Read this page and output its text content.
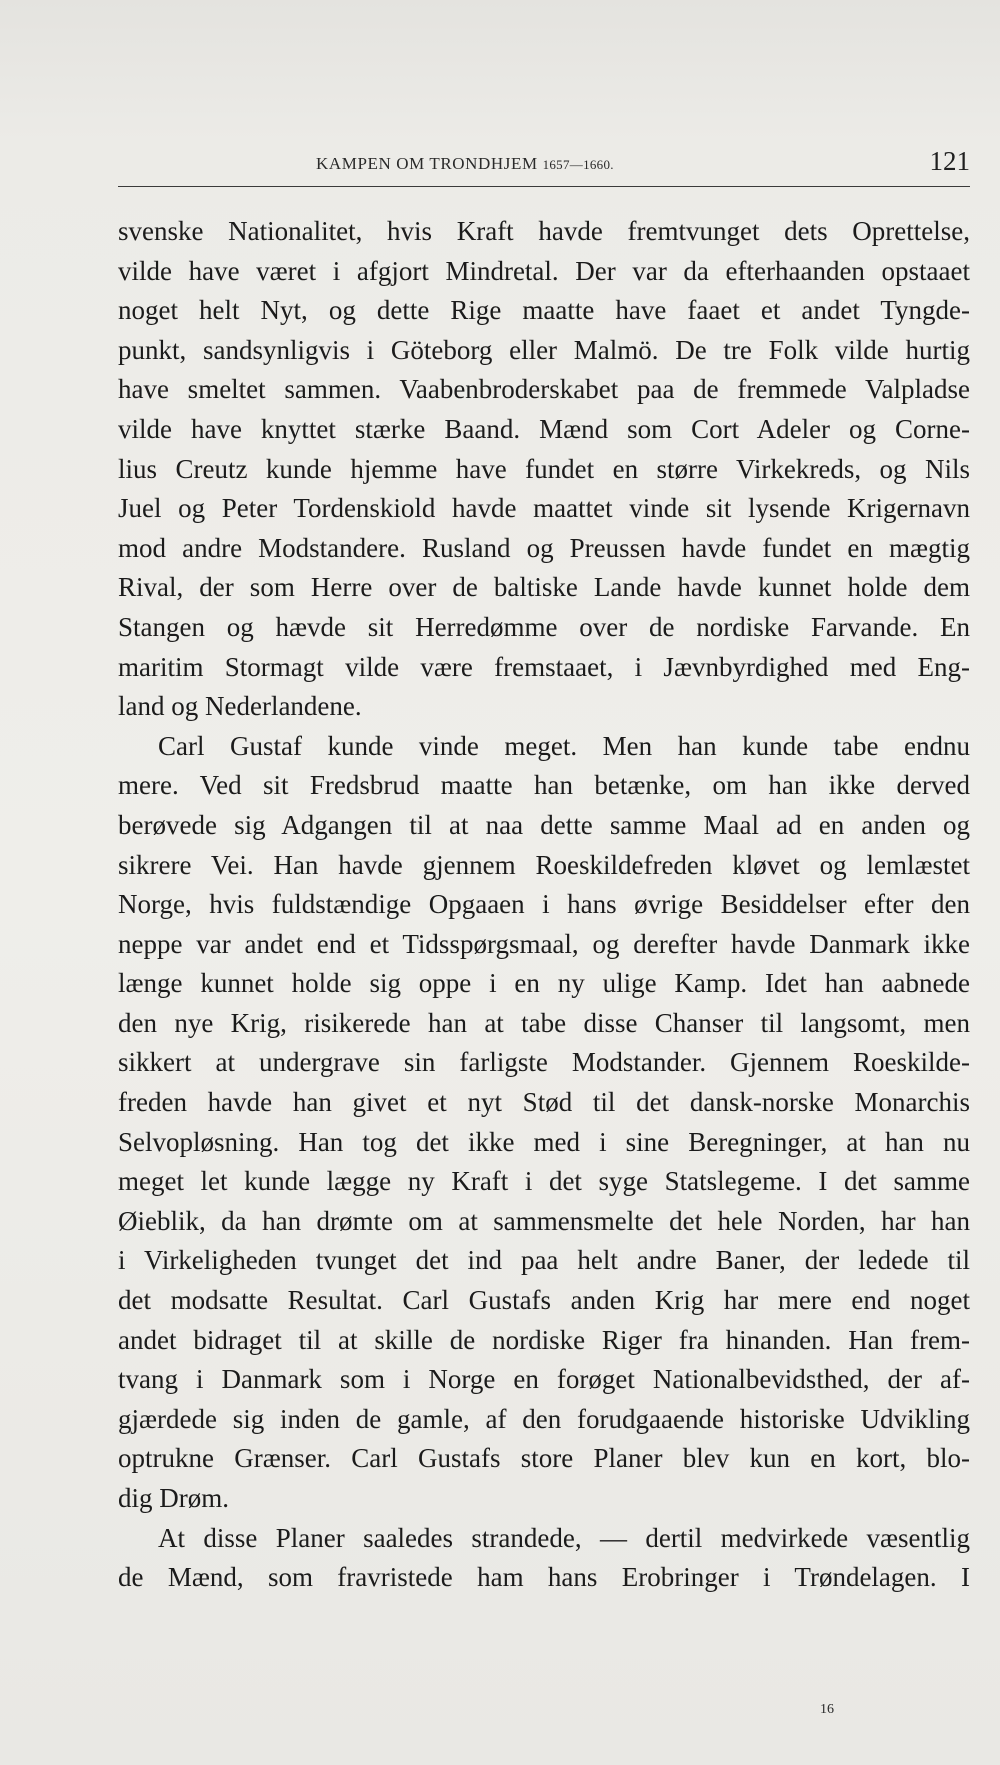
KAMPEN OM TRONDHJEM 1657—1660.	121
svenske Nationalitet, hvis Kraft havde fremtvunget dets Oprettelse,
vilde have været i afgjort Mindretal. Der var da efterhaanden opstaaet
noget helt Nyt, og dette Rige maatte have faaet et andet Tyngde-
punkt, sandsynligvis i Göteborg eller Malmö. De tre Folk vilde hurtig
have smeltet sammen. Vaabenbroderskabet paa de fremmede Valpladse
vilde have knyttet stærke Baand. Mænd som Cort Adeler og Corne-
lius Creutz kunde hjemme have fundet en større Virkekreds, og Nils
Juel og Peter Tordenskiold havde maattet vinde sit lysende Krigernavn
mod andre Modstandere. Rusland og Preussen havde fundet en mægtig
Rival, der som Herre over de baltiske Lande havde kunnet holde dem
Stangen og hævde sit Herredømme over de nordiske Farvande. En
maritim Stormagt vilde være fremstaaet, i Jævnbyrdighed med Eng-
land og Nederlandene.
Carl Gustaf kunde vinde meget. Men han kunde tabe endnu
mere. Ved sit Fredsbrud maatte han betænke, om han ikke derved
berøvede sig Adgangen til at naa dette samme Maal ad en anden og
sikrere Vei. Han havde gjennem Roeskildefreden kløvet og lemlæstet
Norge, hvis fuldstændige Opgaaen i hans øvrige Besiddelser efter den
neppe var andet end et Tidsspørgsmaal, og derefter havde Danmark ikke
længe kunnet holde sig oppe i en ny ulige Kamp. Idet han aabnede
den nye Krig, risikerede han at tabe disse Chanser til langsomt, men
sikkert at undergrave sin farligste Modstander. Gjennem Roeskilde-
freden havde han givet et nyt Stød til det dansk-norske Monarchis
Selvopløsning. Han tog det ikke med i sine Beregninger, at han nu
meget let kunde lægge ny Kraft i det syge Statslegeme. I det samme
Øieblik, da han drømte om at sammensmelte det hele Norden, har han
i Virkeligheden tvunget det ind paa helt andre Baner, der ledede til
det modsatte Resultat. Carl Gustafs anden Krig har mere end noget
andet bidraget til at skille de nordiske Riger fra hinanden. Han frem-
tvang i Danmark som i Norge en forøget Nationalbevidsthed, der af-
gjærdede sig inden de gamle, af den forudgaaende historiske Udvikling
optrukne Grænser. Carl Gustafs store Planer blev kun en kort, blo-
dig Drøm.
At disse Planer saaledes strandede, — dertil medvirkede væsentlig
de Mænd, som fravristede ham hans Erobringer i Trøndelagen. I
16
